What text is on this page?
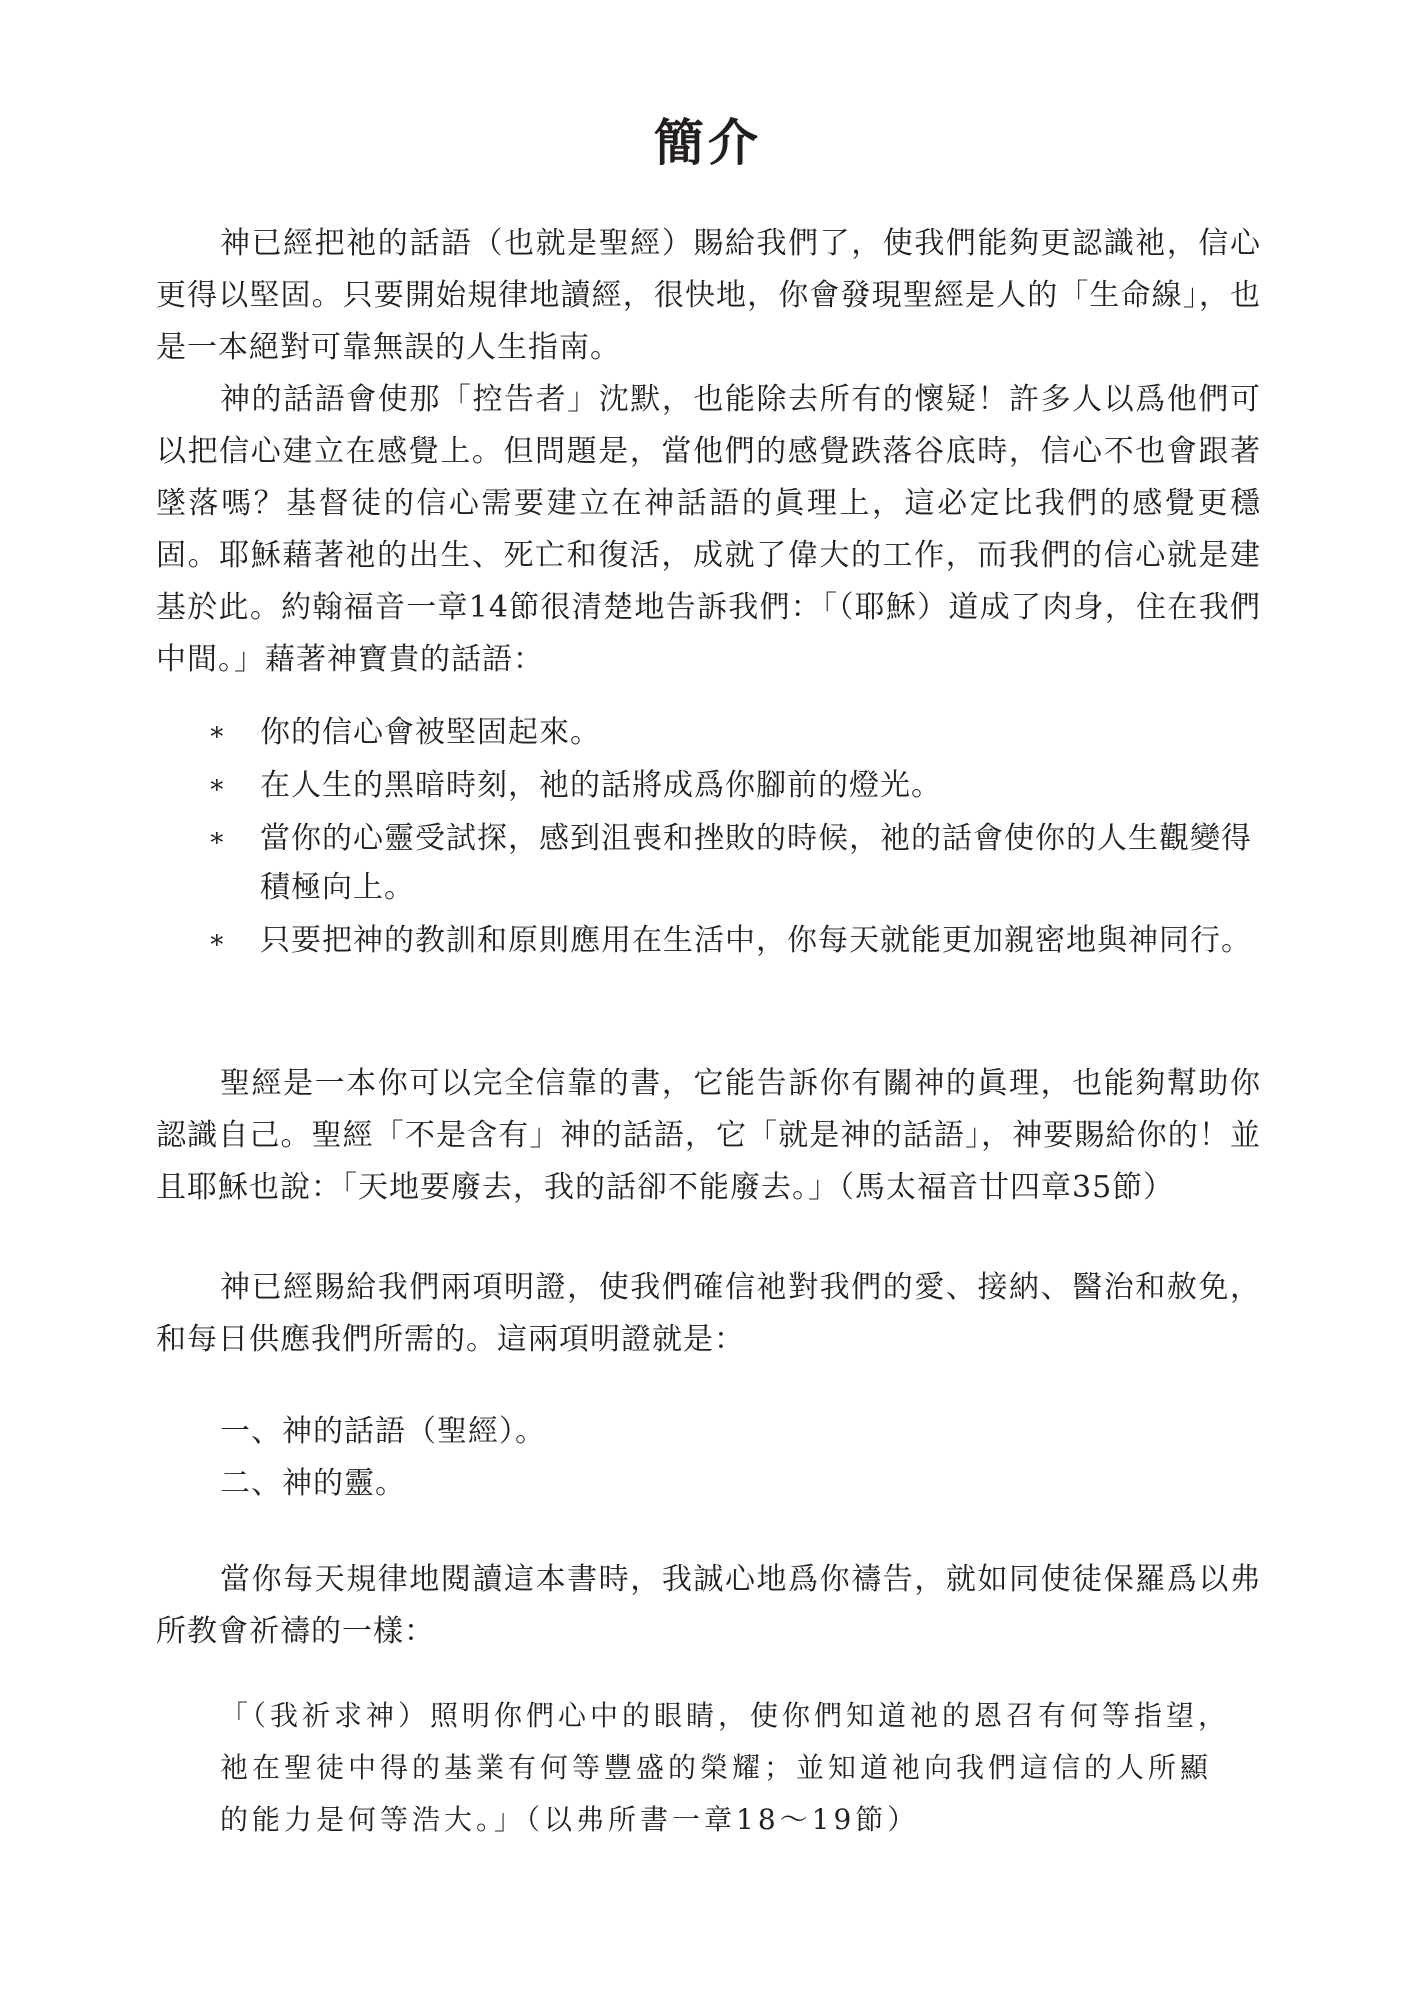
簡介

神已經把祂的話語（也就是聖經）賜給我們了，使我們能夠更認識祂，信心更得以堅固。只要開始規律地讀經，很快地，你會發現聖經是人的「生命線」，也是一本絕對可靠無誤的人生指南。

神的話語會使那「控告者」沈默，也能除去所有的懷疑！許多人以爲他們可以把信心建立在感覺上。但問題是，當他們的感覺跌落谷底時，信心不也會跟著墜落嗎？基督徒的信心需要建立在神話語的眞理上，這必定比我們的感覺更穩固。耶穌藉著祂的出生、死亡和復活，成就了偉大的工作，而我們的信心就是建基於此。約翰福音一章14節很清楚地告訴我們：「（耶穌）道成了肉身，住在我們中間。」藉著神寶貴的話語：

∗	你的信心會被堅固起來。
∗	在人生的黑暗時刻，祂的話將成爲你腳前的燈光。
∗	當你的心靈受試探，感到沮喪和挫敗的時候，祂的話會使你的人生觀變得積極向上。
∗	只要把神的教訓和原則應用在生活中，你每天就能更加親密地與神同行。

聖經是一本你可以完全信靠的書，它能告訴你有關神的眞理，也能夠幫助你認識自己。聖經「不是含有」神的話語，它「就是神的話語」，神要賜給你的！並且耶穌也說：「天地要廢去，我的話卻不能廢去。」（馬太福音廿四章35節）

神已經賜給我們兩項明證，使我們確信祂對我們的愛、接納、醫治和赦免，和每日供應我們所需的。這兩項明證就是：

一、神的話語（聖經）。
二、神的靈。

當你每天規律地閱讀這本書時，我誠心地爲你禱告，就如同使徒保羅爲以弗所教會祈禱的一樣：

「（我祈求神）照明你們心中的眼睛，使你們知道祂的恩召有何等指望，祂在聖徒中得的基業有何等豐盛的榮耀；並知道祂向我們這信的人所顯的能力是何等浩大。」（以弗所書一章18～19節）
